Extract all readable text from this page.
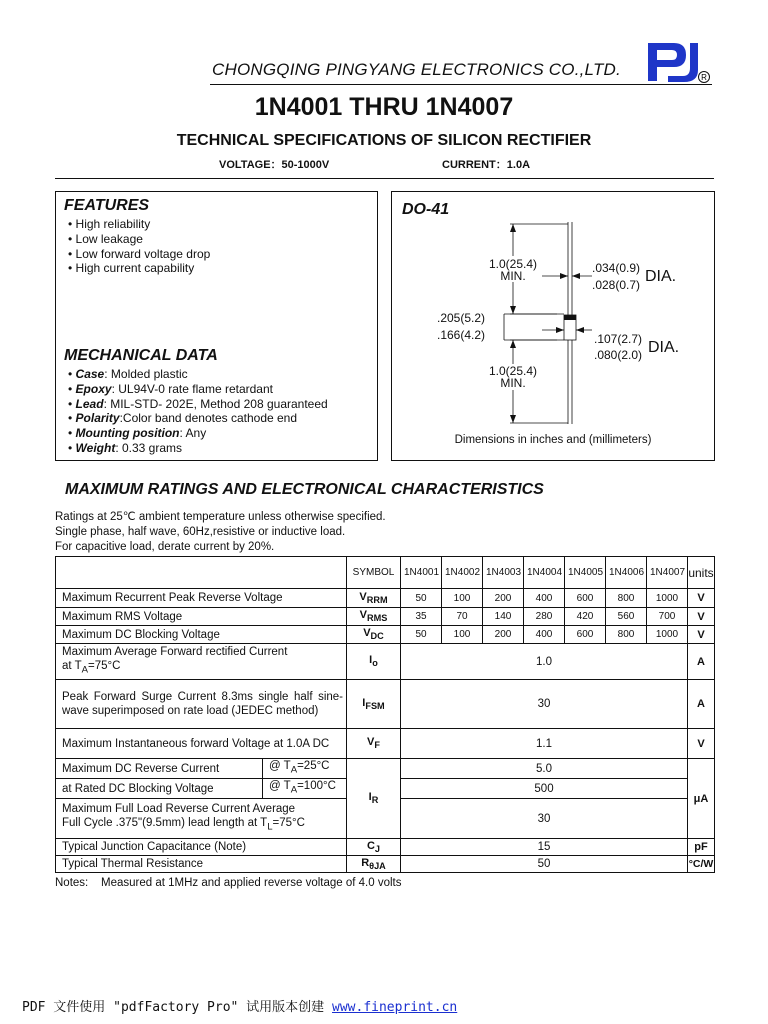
CHONGQING PINGYANG ELECTRONICS CO.,LTD.	R
1N4001 THRU 1N4007
TECHNICAL SPECIFICATIONS OF SILICON RECTIFIER
VOLTAGE：50-1000V	CURRENT：1.0A
FEATURES
• High reliability
• Low leakage
• Low forward voltage drop
• High current capability
MECHANICAL DATA
• Case: Molded plastic
• Epoxy: UL94V-0 rate flame retardant
• Lead: MIL-STD- 202E, Method 208 guaranteed
• Polarity:Color band denotes cathode end
• Mounting position: Any
• Weight: 0.33 grams
DO-41
1.0(25.4)
MIN.
.034(0.9)
.028(0.7) DIA.
.205(5.2)
.166(4.2)	.107(2.7)
.080(2.0) DIA.
1.0(25.4)
MIN.
Dimensions in inches and (millimeters)
MAXIMUM RATINGS AND ELECTRONICAL CHARACTERISTICS
Ratings at 25℃ ambient temperature unless otherwise specified.
Single phase, half wave, 60Hz,resistive or inductive load.
For capacitive load, derate current by 20%.
		SYMBOL	1N4001	1N4002	1N4003	1N4004	1N4005	1N4006	1N4007	units
Maximum Recurrent Peak Reverse Voltage		$V_{RRM}$	50	100	200	400	600	800	1000	V
Maximum RMS Voltage		$V_{RMS}$	35	70	140	280	420	560	700	V
Maximum DC Blocking Voltage		$V_{DC}$	50	100	200	400	600	800	1000	V
Maximum Average Forward rectified Current
at $T_A=75^\circ C$		$I_o$	1.0							A
Peak Forward Surge Current 8.3ms single half sine-wave superimposed on rate load (JEDEC method)		$I_{FSM}$	30							A
Maximum Instantaneous forward Voltage at 1.0A DC		$V_F$	1.1							V
Maximum DC Reverse Current	@ $T_A=25^\circ C$	$I_R$	5.0							μA
at Rated DC Blocking Voltage	@ $T_A=100^\circ C$		500							
Maximum Full Load Reverse Current Average
Full Cycle .375"(9.5mm) lead length at $T_L=75^\circ C$			30							
Typical Junction Capacitance (Note)		$C_J$	15							pF
Typical Thermal Resistance		$R_{\theta JA}$	50							°C/W
Notes:    Measured at 1MHz and applied reverse voltage of 4.0 volts
PDF 文件使用 "pdfFactory Pro" 试用版本创建 www.fineprint.cn
